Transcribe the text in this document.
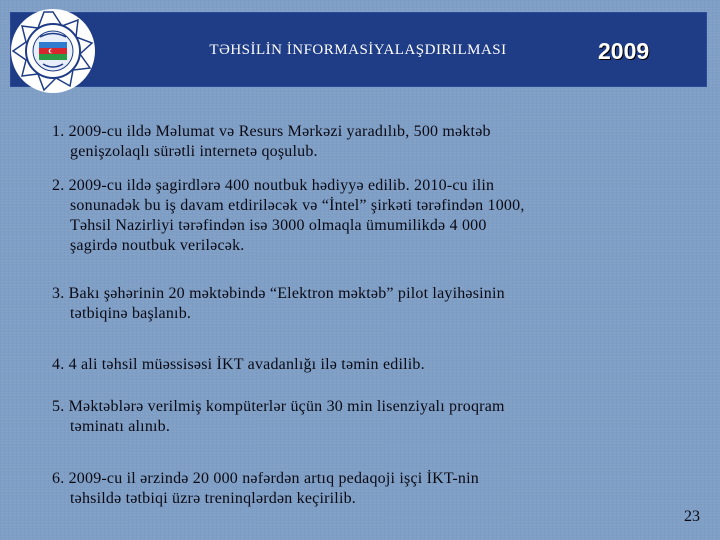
TƏHSİLİN İNFORMASİYALAŞDIRILMASI	2009
1. 2009-cu ildə Məlumat və Resurs Mərkəzi yaradılıb, 500 məktəb
genişzolaqlı sürətli internetə qoşulub.
2. 2009-cu ildə şagirdlərə 400 noutbuk hədiyyə edilib. 2010-cu ilin
sonunadək bu iş davam etdiriləcək və “İntel” şirkəti tərəfindən 1000,
Təhsil Nazirliyi tərəfindən isə 3000 olmaqla ümumilikdə 4 000
şagirdə noutbuk veriləcək.
3. Bakı şəhərinin 20 məktəbində “Elektron məktəb” pilot layihəsinin
tətbiqinə başlanıb.
4. 4 ali təhsil müəssisəsi İKT avadanlığı ilə təmin edilib.
5. Məktəblərə verilmiş kompüterlər üçün 30 min lisenziyalı proqram
təminatı alınıb.
6. 2009-cu il ərzində 20 000 nəfərdən artıq pedaqoji işçi İKT-nin
təhsildə tətbiqi üzrə treninqlərdən keçirilib.
23
